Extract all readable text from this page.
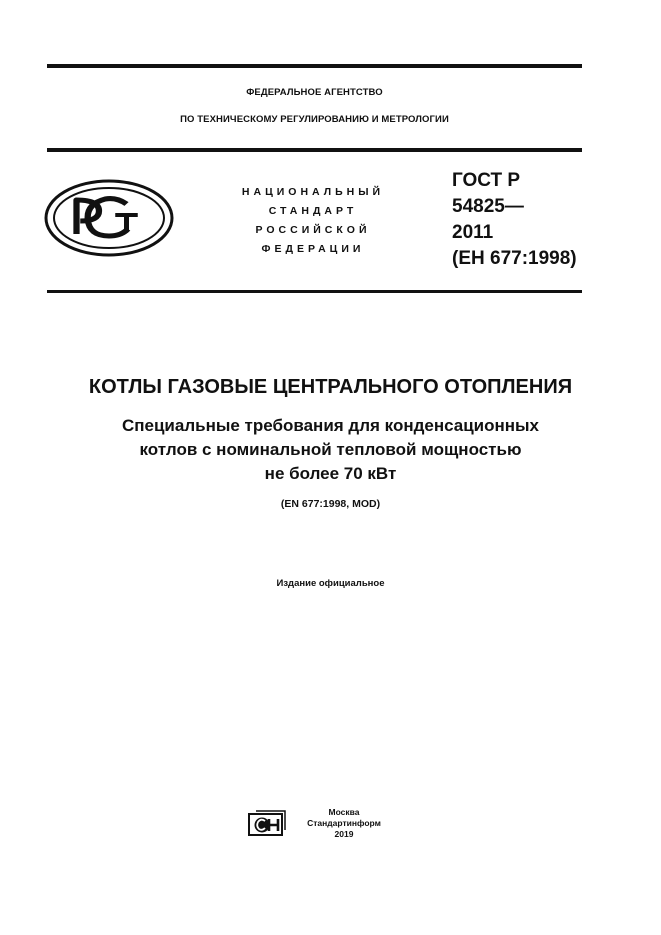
ФЕДЕРАЛЬНОЕ АГЕНТСТВО
ПО ТЕХНИЧЕСКОМУ РЕГУЛИРОВАНИЮ И МЕТРОЛОГИИ
НАЦИОНАЛЬНЫЙ
СТАНДАРТ
РОССИЙСКОЙ
ФЕДЕРАЦИИ
ГОСТ Р
54825—
2011
(ЕН 677:1998)
КОТЛЫ ГАЗОВЫЕ ЦЕНТРАЛЬНОГО ОТОПЛЕНИЯ
Специальные требования для конденсационных
котлов с номинальной тепловой мощностью
не более 70 кВт
(EN 677:1998, MOD)
Издание официальное
Москва
Стандартинформ
2019
